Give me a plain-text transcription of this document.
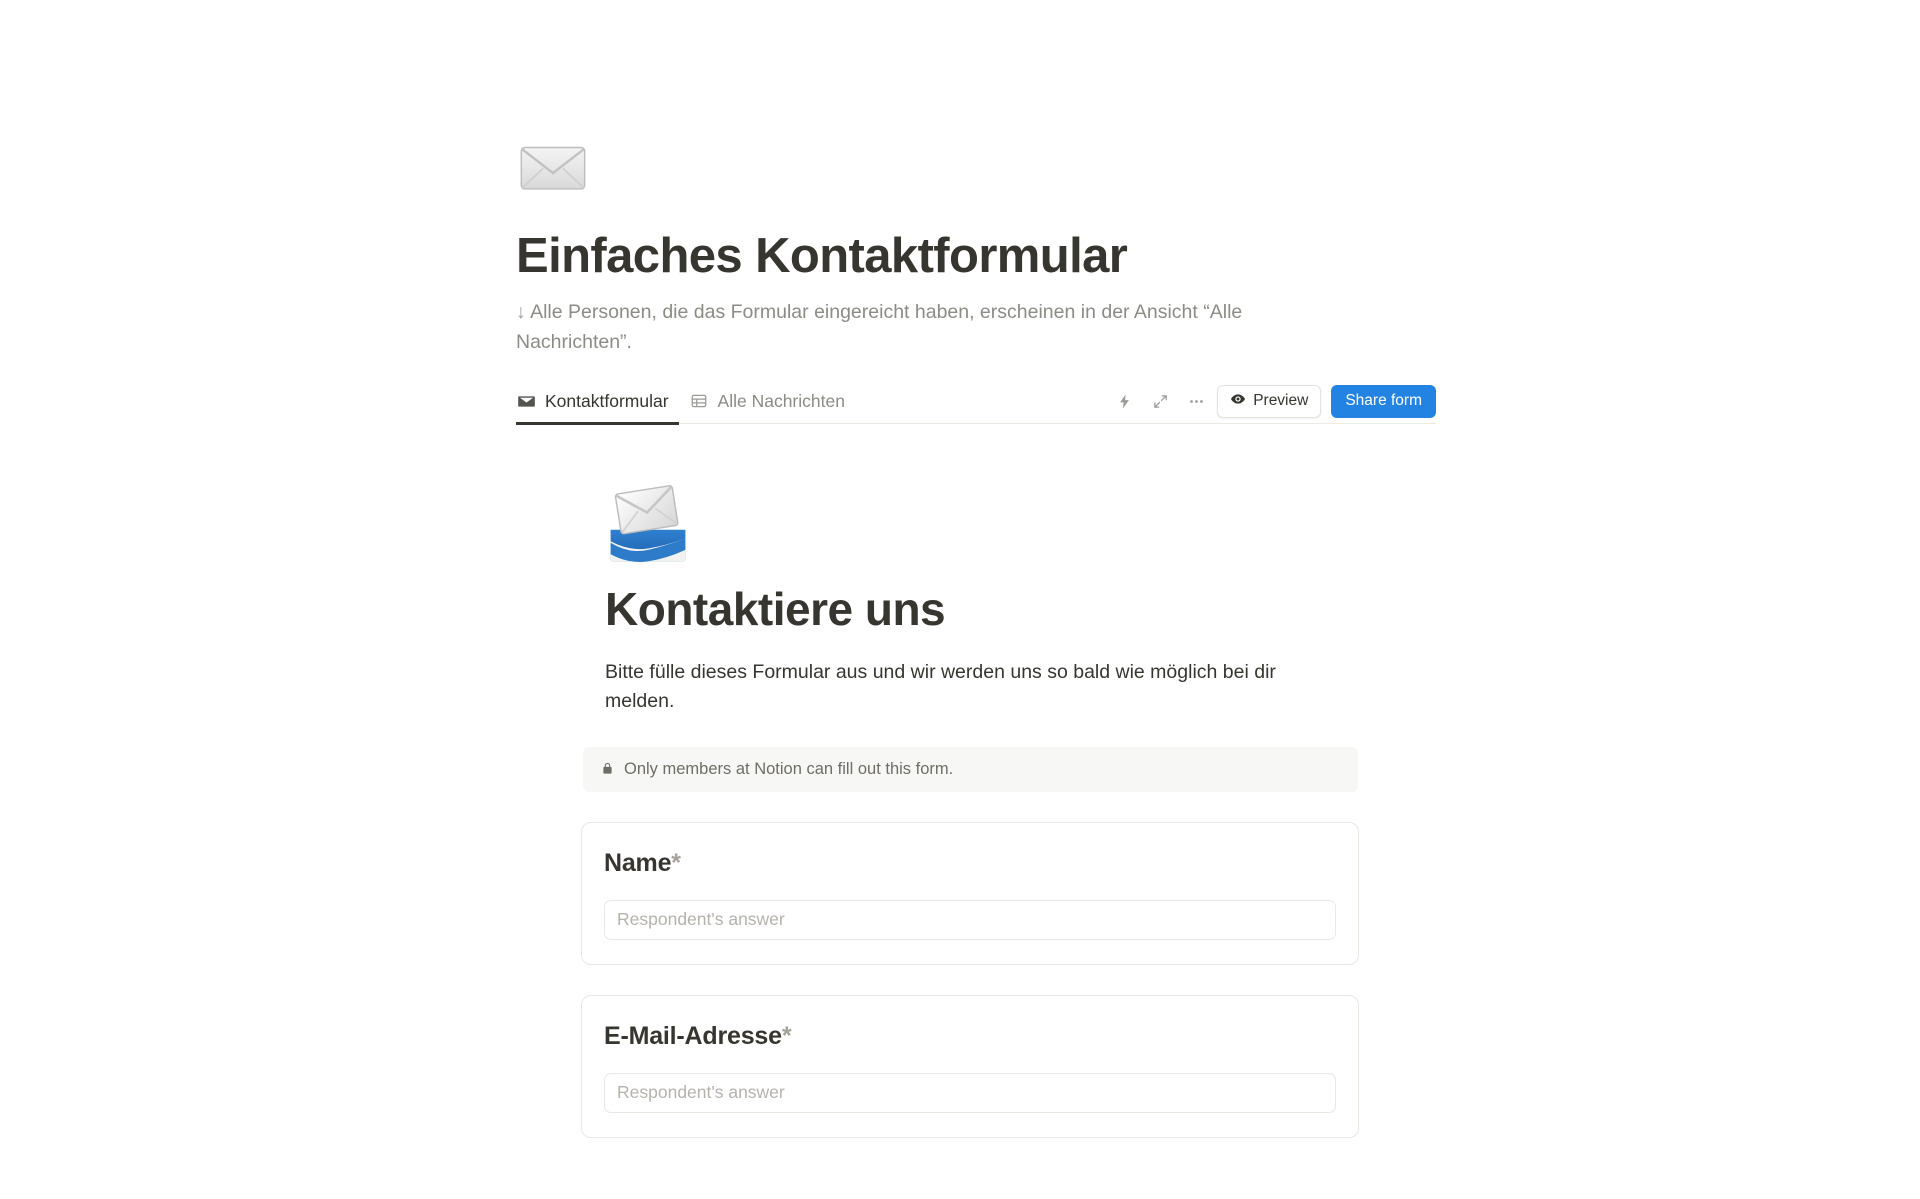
Einfaches Kontaktformular
↓ Alle Personen, die das Formular eingereicht haben, erscheinen in der Ansicht “Alle Nachrichten”.
Kontaktformular	Alle Nachrichten	Preview	Share form
Kontaktiere uns
Bitte fülle dieses Formular aus und wir werden uns so bald wie möglich bei dir melden.
Only members at Notion can fill out this form.
Name*
Respondent's answer
E-Mail-Adresse*
Respondent's answer
